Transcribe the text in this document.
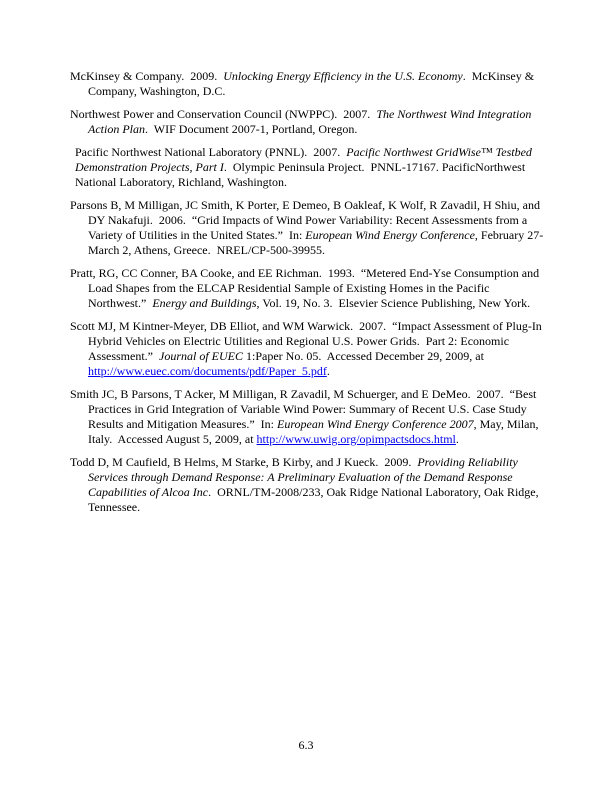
McKinsey & Company.  2009.  Unlocking Energy Efficiency in the U.S. Economy.  McKinsey & Company, Washington, D.C.

Northwest Power and Conservation Council (NWPPC).  2007.  The Northwest Wind Integration Action Plan.  WIF Document 2007-1, Portland, Oregon.

Pacific Northwest National Laboratory (PNNL).  2007.  Pacific Northwest GridWise™ Testbed Demonstration Projects, Part I.  Olympic Peninsula Project.  PNNL-17167. PacificNorthwest National Laboratory, Richland, Washington.

Parsons B, M Milligan, JC Smith, K Porter, E Demeo, B Oakleaf, K Wolf, R Zavadil, H Shiu, and DY Nakafuji.  2006.  “Grid Impacts of Wind Power Variability: Recent Assessments from a Variety of Utilities in the United States.”  In: European Wind Energy Conference, February 27-March 2, Athens, Greece.  NREL/CP-500-39955.

Pratt, RG, CC Conner, BA Cooke, and EE Richman.  1993.  “Metered End-Yse Consumption and Load Shapes from the ELCAP Residential Sample of Existing Homes in the Pacific Northwest.”  Energy and Buildings, Vol. 19, No. 3.  Elsevier Science Publishing, New York.

Scott MJ, M Kintner-Meyer, DB Elliot, and WM Warwick.  2007.  “Impact Assessment of Plug-In Hybrid Vehicles on Electric Utilities and Regional U.S. Power Grids.  Part 2: Economic Assessment.”  Journal of EUEC 1:Paper No. 05.  Accessed December 29, 2009, at http://www.euec.com/documents/pdf/Paper_5.pdf.

Smith JC, B Parsons, T Acker, M Milligan, R Zavadil, M Schuerger, and E DeMeo.  2007.  “Best Practices in Grid Integration of Variable Wind Power: Summary of Recent U.S. Case Study Results and Mitigation Measures.”  In: European Wind Energy Conference 2007, May, Milan, Italy.  Accessed August 5, 2009, at http://www.uwig.org/opimpactsdocs.html.

Todd D, M Caufield, B Helms, M Starke, B Kirby, and J Kueck.  2009.  Providing Reliability Services through Demand Response: A Preliminary Evaluation of the Demand Response Capabilities of Alcoa Inc.  ORNL/TM-2008/233, Oak Ridge National Laboratory, Oak Ridge, Tennessee.

6.3
